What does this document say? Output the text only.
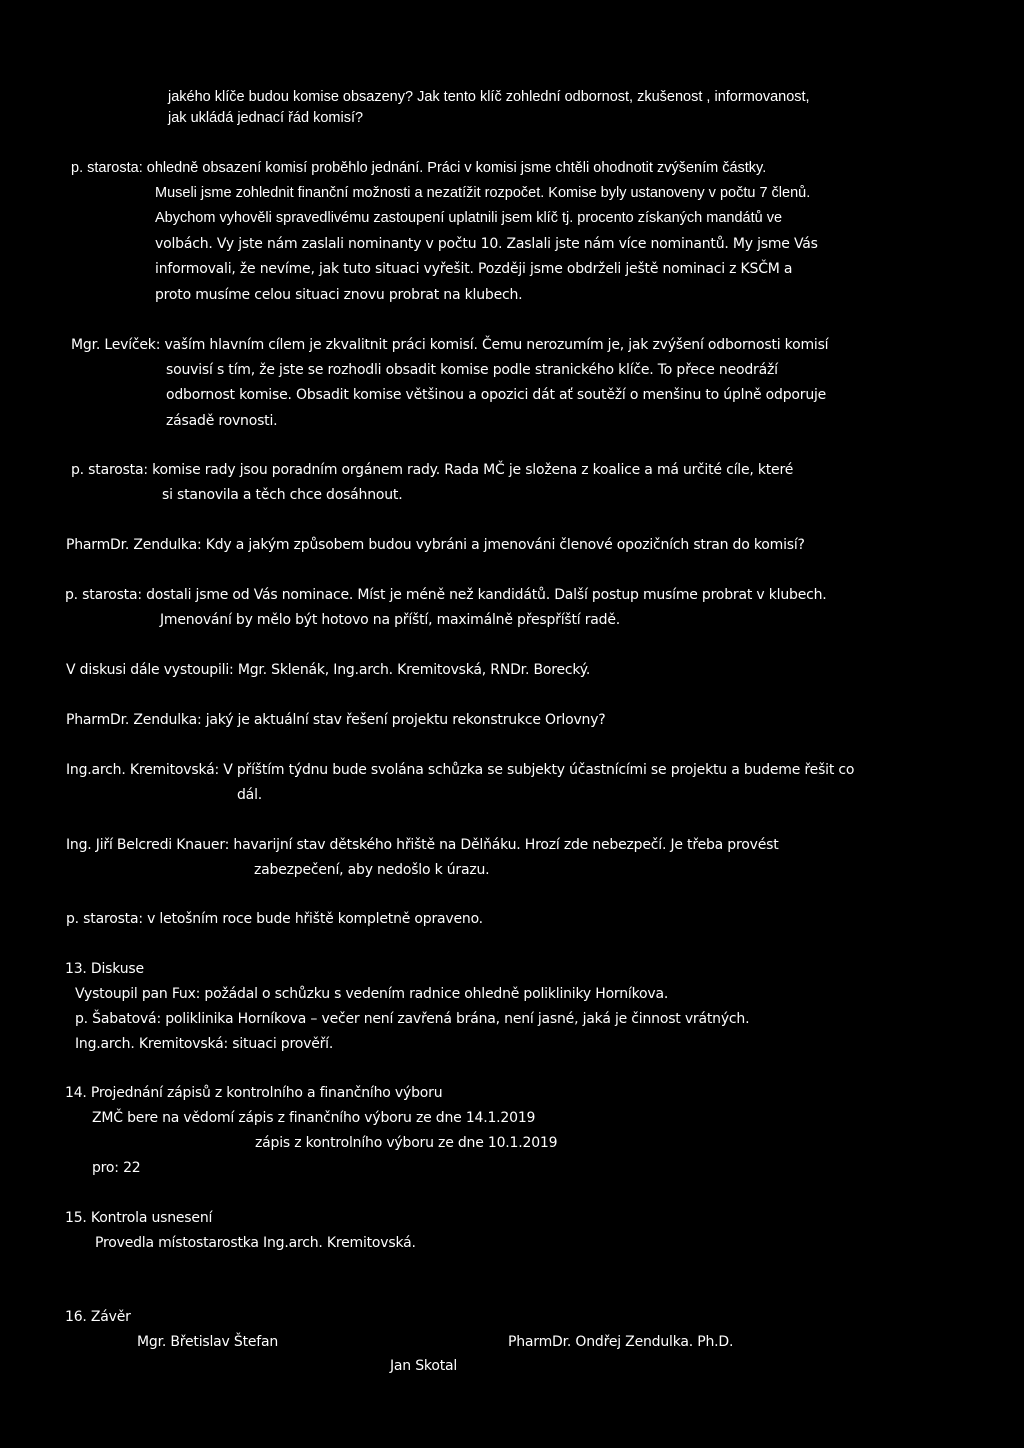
jakého klíče budou komise obsazeny? Jak tento klíč zohlední odbornost, zkušenost , informovanost,
jak ukládá jednací řád komisí?
p. starosta: ohledně obsazení komisí proběhlo jednání. Práci v komisi jsme chtěli ohodnotit zvýšením částky.
Museli jsme zohlednit finanční možnosti a nezatížit rozpočet. Komise byly ustanoveny v počtu 7 členů.
Abychom vyhověli spravedlivému zastoupení uplatnili jsem klíč tj. procento získaných mandátů ve
volbách. Vy jste nám zaslali nominanty v počtu 10. Zaslali jste nám více nominantů. My jsme Vás
informovali, že nevíme, jak tuto situaci vyřešit. Později jsme obdrželi ještě nominaci z KSČM a
proto musíme celou situaci znovu probrat na klubech.
Mgr. Levíček: vaším hlavním cílem je zkvalitnit práci komisí. Čemu nerozumím je, jak zvýšení odbornosti komisí
souvisí s tím, že jste se rozhodli obsadit komise podle stranického klíče. To přece neodráží
odbornost komise. Obsadit komise většinou a opozici dát ať soutěží o menšinu to úplně odporuje
zásadě rovnosti.
p. starosta: komise rady jsou poradním orgánem rady. Rada MČ je složena z koalice a má určité cíle, které
si stanovila a těch chce dosáhnout.
PharmDr. Zendulka: Kdy a jakým způsobem budou vybráni a jmenováni členové opozičních stran do komisí?
p. starosta: dostali jsme od Vás nominace. Míst je méně než kandidátů. Další postup musíme probrat v klubech.
Jmenování by mělo být hotovo na příští, maximálně přespříští radě.
V diskusi dále vystoupili: Mgr. Sklenák, Ing.arch. Kremitovská, RNDr. Borecký.
PharmDr. Zendulka: jaký je aktuální stav řešení projektu rekonstrukce Orlovny?
Ing.arch. Kremitovská: V příštím týdnu bude svolána schůzka se subjekty účastnícími se projektu a budeme řešit co
dál.
Ing. Jiří Belcredi Knauer: havarijní stav dětského hřiště na Dělňáku. Hrozí zde nebezpečí. Je třeba provést
zabezpečení, aby nedošlo k úrazu.
p. starosta: v letošním roce bude hřiště kompletně opraveno.
13. Diskuse
Vystoupil pan Fux: požádal o schůzku s vedením radnice ohledně polikliniky Horníkova.
p. Šabatová: poliklinika Horníkova – večer není zavřená brána, není jasné, jaká je činnost vrátných.
Ing.arch. Kremitovská: situaci prověří.
14. Projednání zápisů z kontrolního a finančního výboru
ZMČ bere na vědomí zápis z finančního výboru ze dne 14.1.2019
zápis z kontrolního výboru ze dne 10.1.2019
pro: 22
15. Kontrola usnesení
Provedla místostarostka Ing.arch. Kremitovská.
16. Závěr
Mgr. Břetislav Štefan	PharmDr. Ondřej Zendulka. Ph.D.
Jan Skotal
